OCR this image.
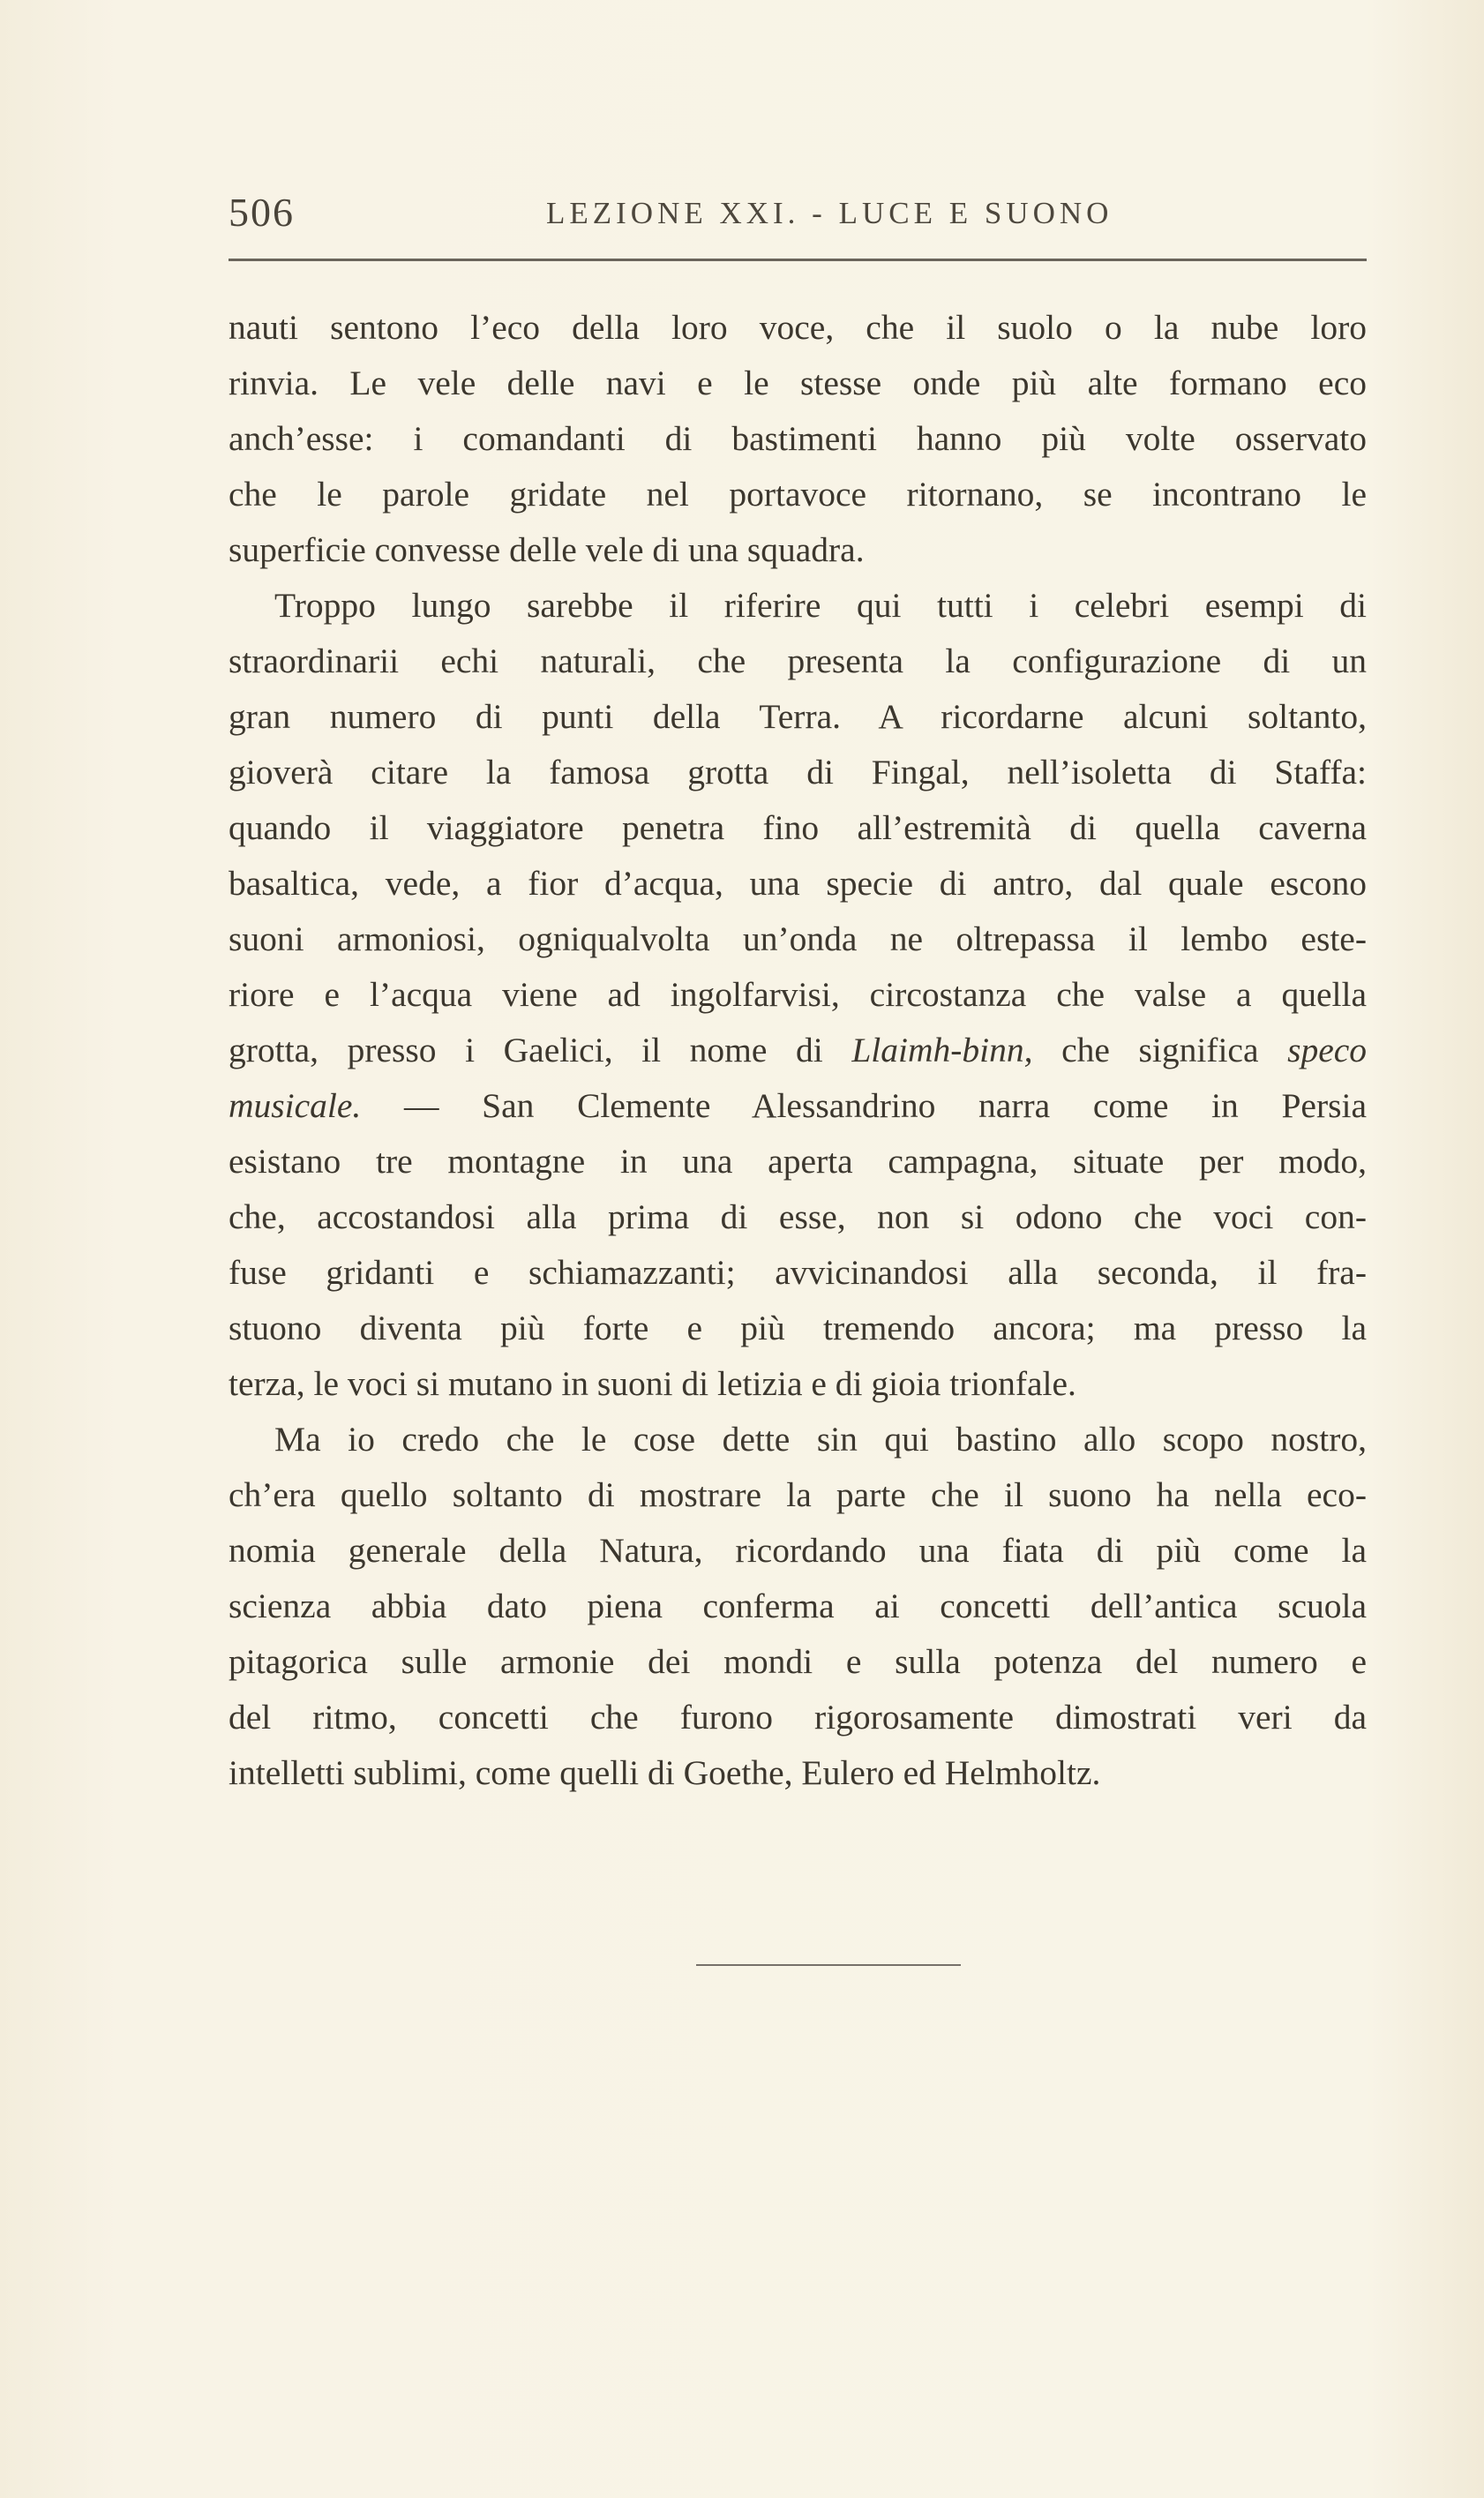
506	LEZIONE XXI. - LUCE E SUONO
nauti sentono l’eco della loro voce, che il suolo o la nube loro
rinvia. Le vele delle navi e le stesse onde più alte formano eco
anch’esse: i comandanti di bastimenti hanno più volte osservato
che le parole gridate nel portavoce ritornano, se incontrano le
superficie convesse delle vele di una squadra.
Troppo lungo sarebbe il riferire qui tutti i celebri esempi di
straordinarii echi naturali, che presenta la configurazione di un
gran numero di punti della Terra. A ricordarne alcuni soltanto,
gioverà citare la famosa grotta di Fingal, nell’isoletta di Staffa:
quando il viaggiatore penetra fino all’estremità di quella caverna
basaltica, vede, a fior d’acqua, una specie di antro, dal quale escono
suoni armoniosi, ogniqualvolta un’onda ne oltrepassa il lembo este-
riore e l’acqua viene ad ingolfarvisi, circostanza che valse a quella
grotta, presso i Gaelici, il nome di Llaimh-binn, che significa speco
musicale. — San Clemente Alessandrino narra come in Persia
esistano tre montagne in una aperta campagna, situate per modo,
che, accostandosi alla prima di esse, non si odono che voci con-
fuse gridanti e schiamazzanti; avvicinandosi alla seconda, il fra-
stuono diventa più forte e più tremendo ancora; ma presso la
terza, le voci si mutano in suoni di letizia e di gioia trionfale.
Ma io credo che le cose dette sin qui bastino allo scopo nostro,
ch’era quello soltanto di mostrare la parte che il suono ha nella eco-
nomia generale della Natura, ricordando una fiata di più come la
scienza abbia dato piena conferma ai concetti dell’antica scuola
pitagorica sulle armonie dei mondi e sulla potenza del numero e
del ritmo, concetti che furono rigorosamente dimostrati veri da
intelletti sublimi, come quelli di Goethe, Eulero ed Helmholtz.
